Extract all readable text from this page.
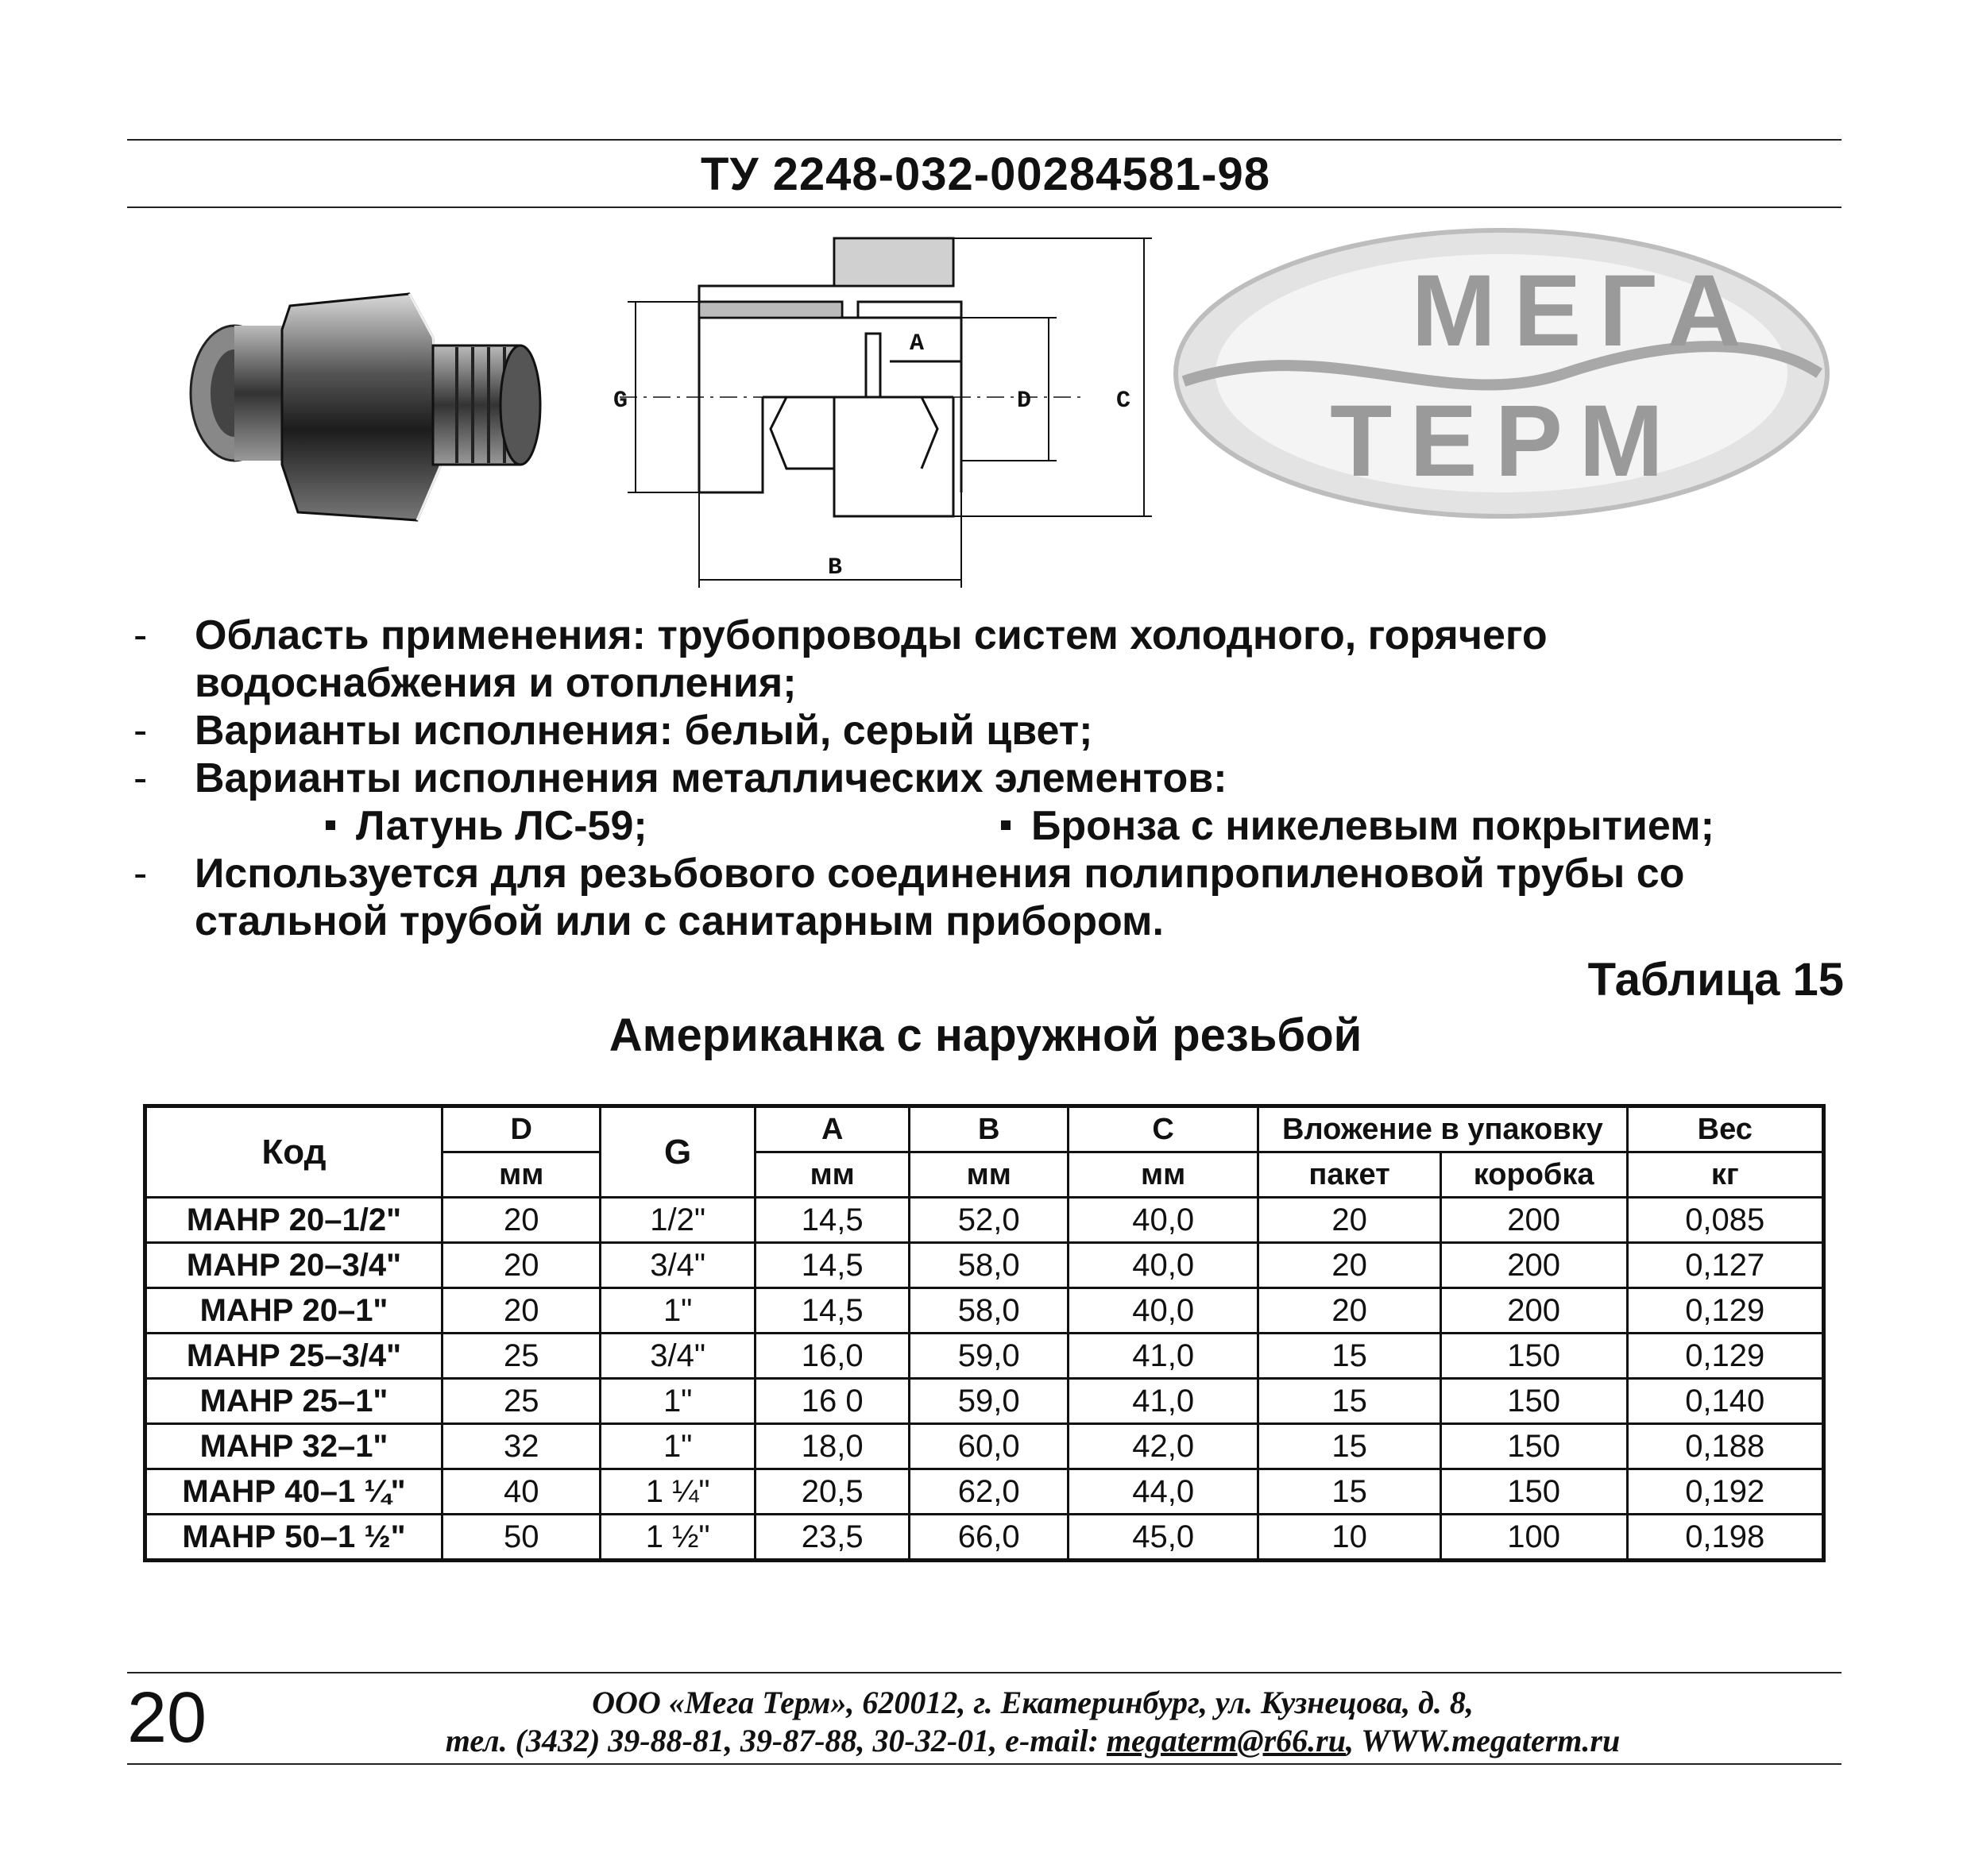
ТУ 2248-032-00284581-98
G
A
D	C
B
МЕГА
ТЕРМ
- Область применения: трубопроводы систем холодного, горячего водоснабжения и отопления;
- Варианты исполнения: белый, серый цвет;
- Варианты исполнения металлических элементов:
Латунь ЛС-59;	Бронза с никелевым покрытием;
- Используется для резьбового соединения полипропиленовой трубы со стальной трубой или с санитарным прибором.
Таблица 15
Американка с наружной резьбой
Код	D	G	A	B	C	Вложение в упаковку		Вес
	мм		мм	мм	мм	пакет	коробка	кг
МАНР 20–1/2"	20	1/2"	14,5	52,0	40,0	20	200	0,085
МАНР 20–3/4"	20	3/4"	14,5	58,0	40,0	20	200	0,127
МАНР 20–1"	20	1"	14,5	58,0	40,0	20	200	0,129
МАНР 25–3/4"	25	3/4"	16,0	59,0	41,0	15	150	0,129
МАНР 25–1"	25	1"	16 0	59,0	41,0	15	150	0,140
МАНР 32–1"	32	1"	18,0	60,0	42,0	15	150	0,188
МАНР 40–1 ¼"	40	1 ¼"	20,5	62,0	44,0	15	150	0,192
МАНР 50–1 ½"	50	1 ½"	23,5	66,0	45,0	10	100	0,198
20	ООО «Мега Терм», 620012, г. Екатеринбург, ул. Кузнецова, д. 8,
тел. (3432) 39-88-81, 39-87-88, 30-32-01, e-mail: megaterm@r66.ru, WWW.megaterm.ru
